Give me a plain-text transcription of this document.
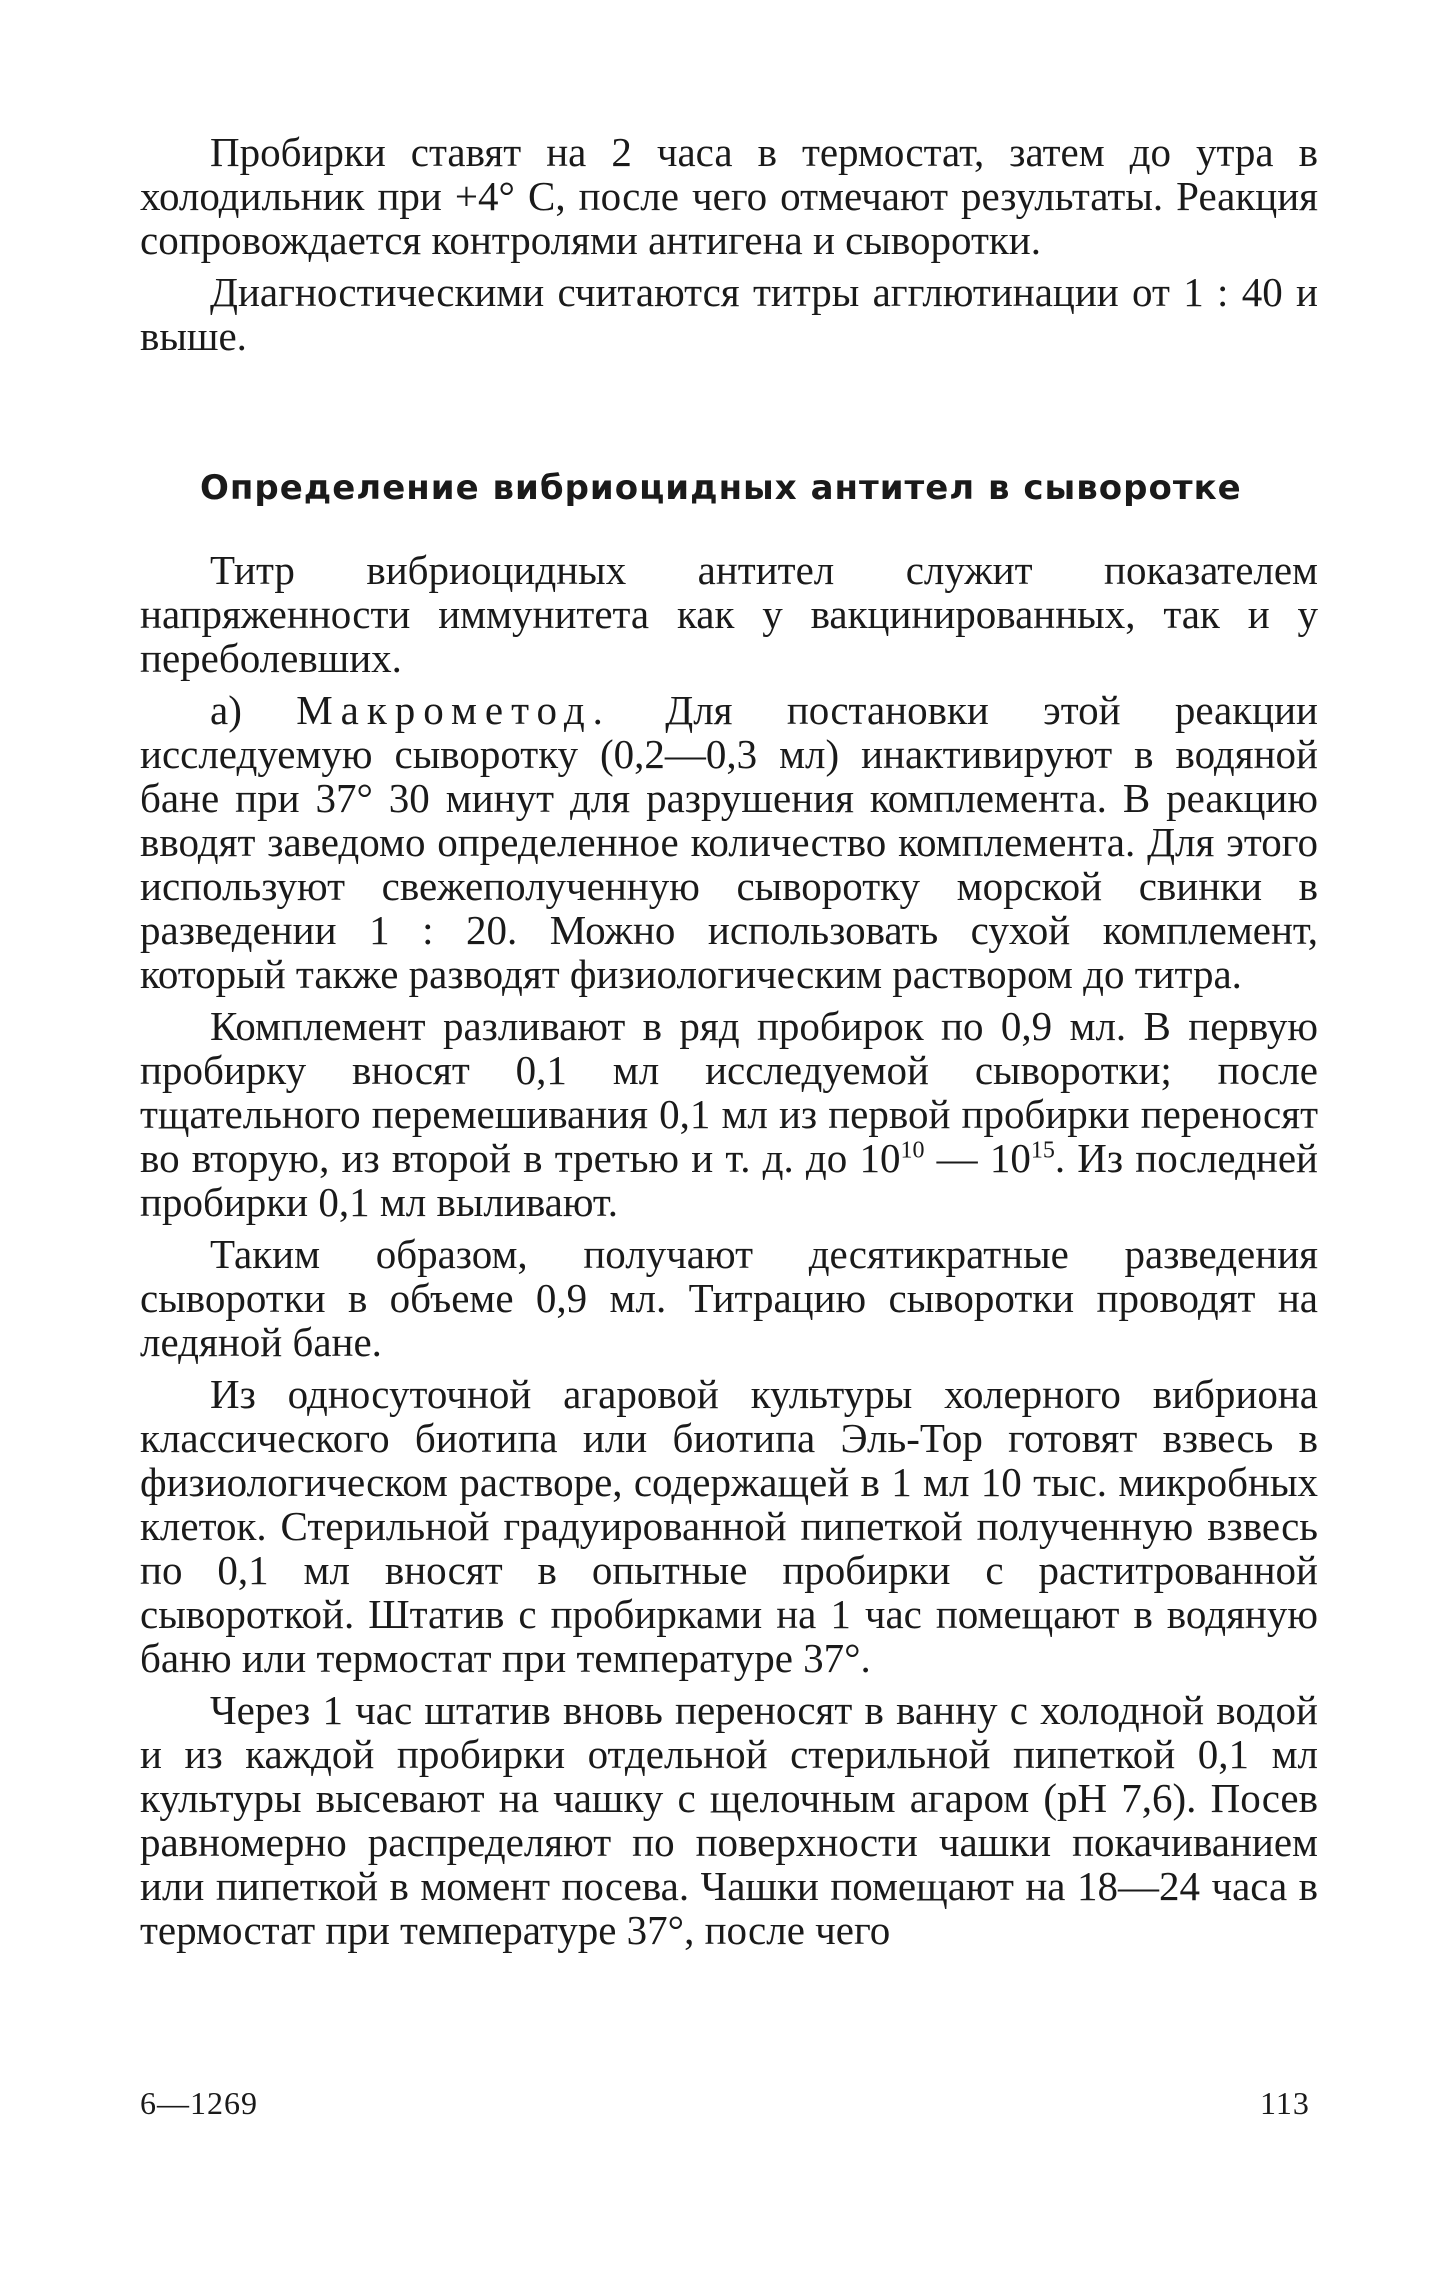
Пробирки ставят на 2 часа в термостат, затем до утра в холодильник при +4° С, после чего отмечают результаты. Реакция сопровождается контролями антигена и сыворотки.

Диагностическими считаются титры агглютинации от 1 : 40 и выше.

Определение вибриоцидных антител в сыворотке

Титр вибриоцидных антител служит показателем напряженности иммунитета как у вакцинированных, так и у переболевших.

а) Макрометод. Для постановки этой реакции исследуемую сыворотку (0,2—0,3 мл) инактивируют в водяной бане при 37° 30 минут для разрушения комплемента. В реакцию вводят заведомо определенное количество комплемента. Для этого используют свежеполученную сыворотку морской свинки в разведении 1 : 20. Можно использовать сухой комплемент, который также разводят физиологическим раствором до титра.

Комплемент разливают в ряд пробирок по 0,9 мл. В первую пробирку вносят 0,1 мл исследуемой сыворотки; после тщательного перемешивания 0,1 мл из первой пробирки переносят во вторую, из второй в третью и т. д. до $10^{10}$ — $10^{15}$. Из последней пробирки 0,1 мл выливают.

Таким образом, получают десятикратные разведения сыворотки в объеме 0,9 мл. Титрацию сыворотки проводят на ледяной бане.

Из односуточной агаровой культуры холерного вибриона классического биотипа или биотипа Эль-Тор готовят взвесь в физиологическом растворе, содержащей в 1 мл 10 тыс. микробных клеток. Стерильной градуированной пипеткой полученную взвесь по 0,1 мл вносят в опытные пробирки с раститрованной сывороткой. Штатив с пробирками на 1 час помещают в водяную баню или термостат при температуре 37°.

Через 1 час штатив вновь переносят в ванну с холодной водой и из каждой пробирки отдельной стерильной пипеткой 0,1 мл культуры высевают на чашку с щелочным агаром (рН 7,6). Посев равномерно распределяют по поверхности чашки покачиванием или пипеткой в момент посева. Чашки помещают на 18—24 часа в термостат при температуре 37°, после чего

6—1269	113
